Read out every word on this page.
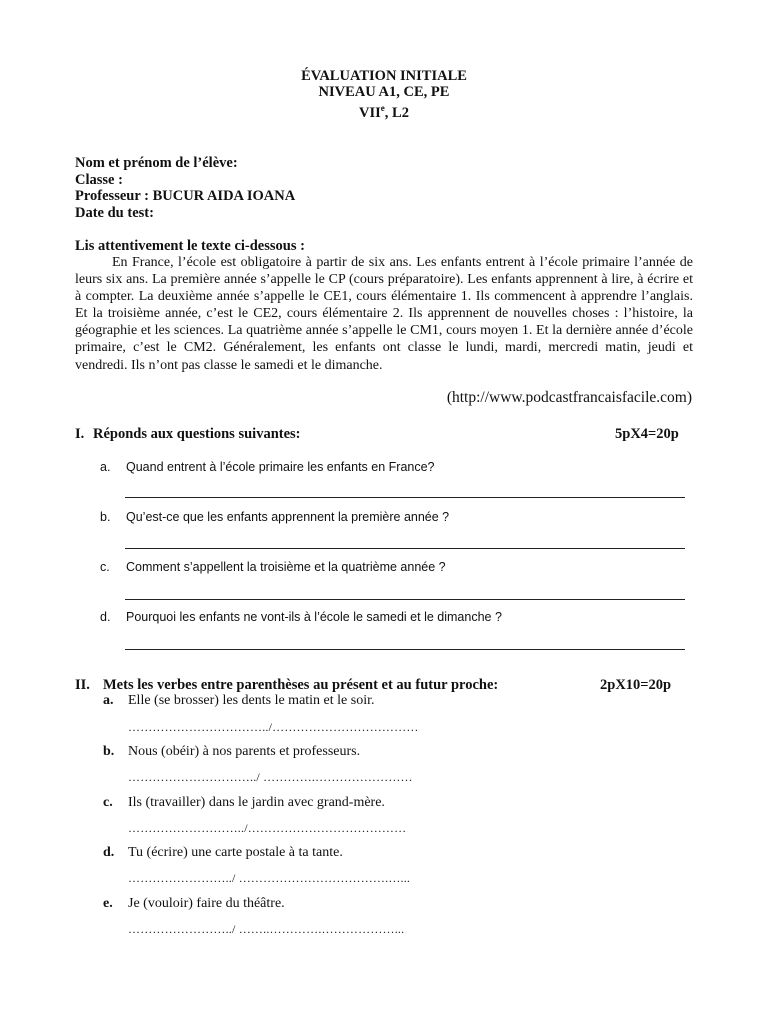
ÉVALUATION INITIALE
NIVEAU A1, CE, PE
VIIe, L2
Nom et prénom de l’élève:
Classe :
Professeur : BUCUR AIDA IOANA
Date du test:
Lis attentivement le texte ci-dessous :

En France, l’école est obligatoire à partir de six ans. Les enfants entrent à l’école primaire l’année de leurs six ans. La première année s’appelle le CP (cours préparatoire). Les enfants apprennent à lire, à écrire et à compter. La deuxième année s’appelle le CE1, cours élémentaire 1. Ils commencent à apprendre l’anglais. Et la troisième année, c’est le CE2, cours élémentaire 2. Ils apprennent de nouvelles choses : l’histoire, la géographie et les sciences. La quatrième année s’appelle le CM1, cours moyen 1. Et la dernière année d’école primaire, c’est le CM2. Généralement, les enfants ont classe le lundi, mardi, mercredi matin, jeudi et vendredi. Ils n’ont pas classe le samedi et le dimanche.

(http://www.podcastfrancaisfacile.com)
I. Réponds aux questions suivantes:	5pX4=20p
a. Quand entrent à l’école primaire les enfants en France?
b. Qu’est-ce que les enfants apprennent la première année ?
c. Comment s’appellent la troisième et la quatrième année ?
d. Pourquoi les enfants ne vont-ils à l’école le samedi et le dimanche ?
II. Mets les verbes entre parenthèses au présent et au futur proche:	2pX10=20p
a. Elle (se brosser) les dents le matin et le soir.
……………………………../………………………………
b. Nous (obéir) à nos parents et professeurs.
…………………………../ ………….……………………
c. Ils (travailler) dans le jardin avec grand-mère.
………………………../…………………………………
d. Tu (écrire) une carte postale à ta tante.
……………………../ ……………………………….…...
e. Je (vouloir) faire du théâtre.
……………………../ ……..………….………………...
